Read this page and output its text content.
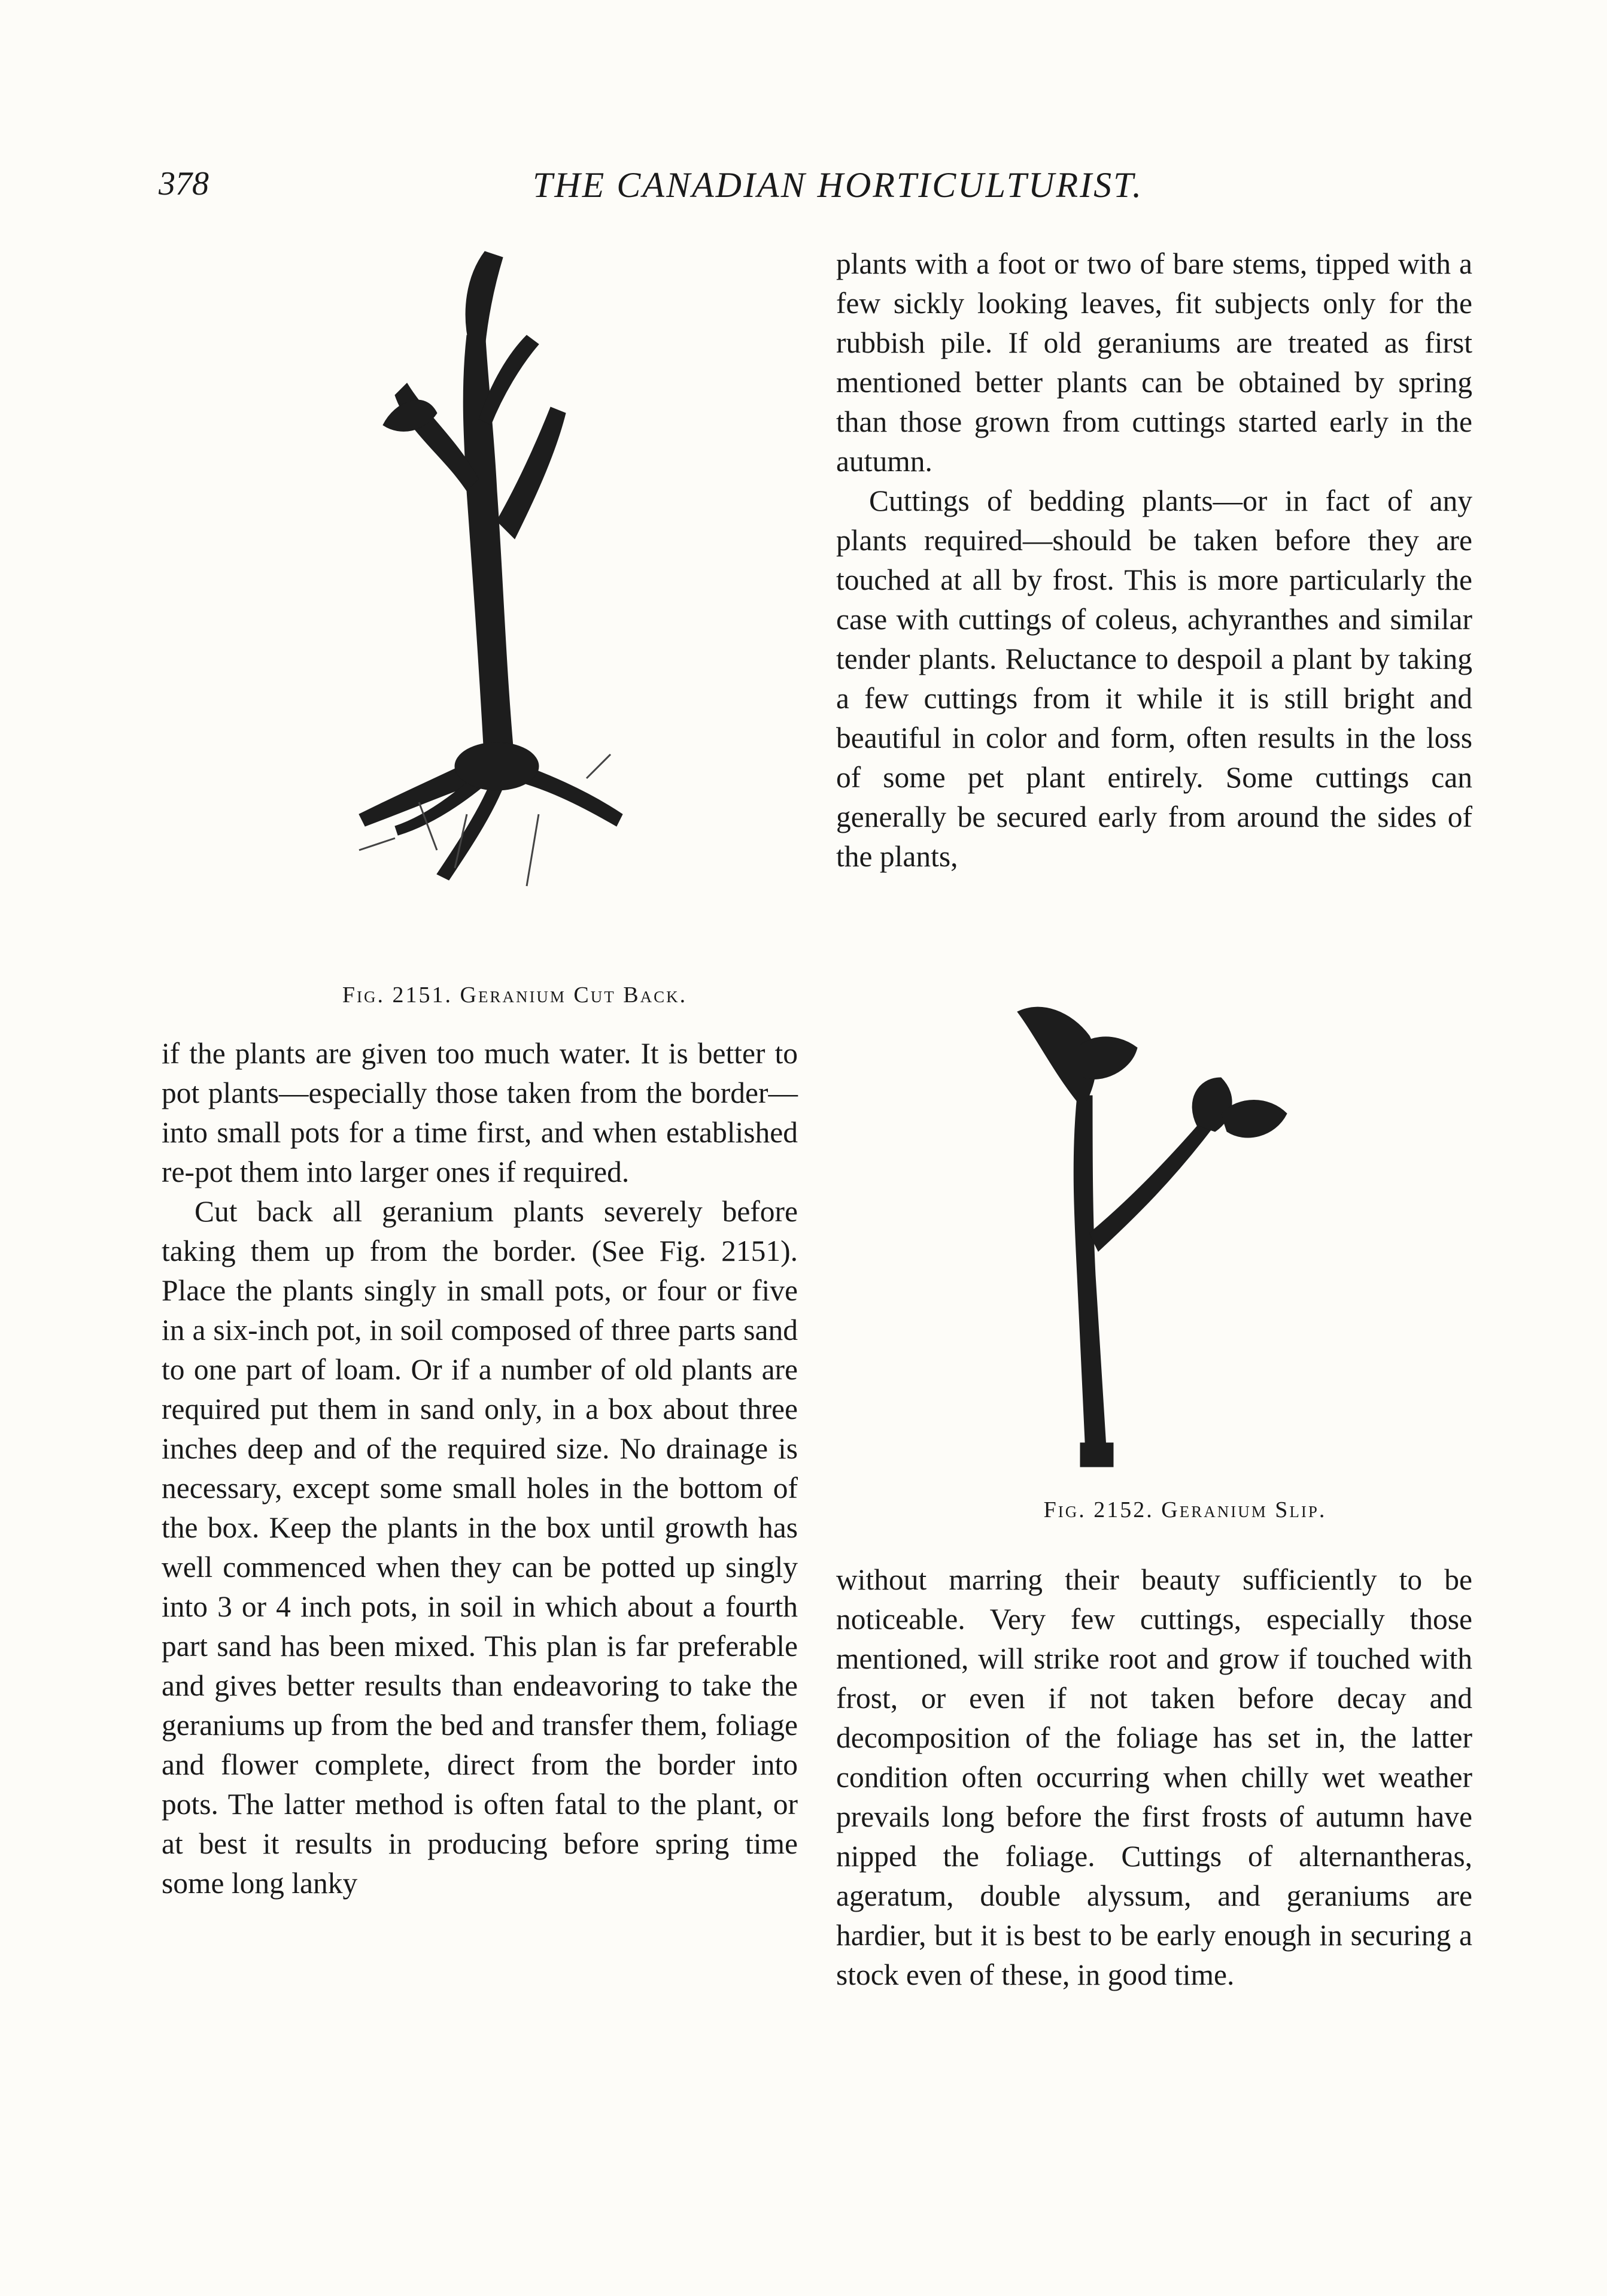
378	THE CANADIAN HORTICULTURIST.
Fig. 2151. Geranium Cut Back.
Fig. 2152. Geranium Slip.

plants with a foot or two of bare stems, tipped with a few sickly looking leaves, fit subjects only for the rubbish pile. If old geraniums are treated as first mentioned better plants can be obtained by spring than those grown from cuttings started early in the autumn.

Cuttings of bedding plants—or in fact of any plants required—should be taken before they are touched at all by frost. This is more particularly the case with cuttings of coleus, achyranthes and similar tender plants. Reluctance to despoil a plant by taking a few cuttings from it while it is still bright and beautiful in color and form, often results in the loss of some pet plant entirely. Some cuttings can generally be secured early from around the sides of the plants,

if the plants are given too much water. It is better to pot plants—especially those taken from the border—into small pots for a time first, and when established re-pot them into larger ones if required.

Cut back all geranium plants severely before taking them up from the border. (See Fig. 2151). Place the plants singly in small pots, or four or five in a six-inch pot, in soil composed of three parts sand to one part of loam. Or if a number of old plants are required put them in sand only, in a box about three inches deep and of the required size. No drainage is necessary, except some small holes in the bottom of the box. Keep the plants in the box until growth has well commenced when they can be potted up singly into 3 or 4 inch pots, in soil in which about a fourth part sand has been mixed. This plan is far preferable and gives better results than endeavoring to take the geraniums up from the bed and transfer them, foliage and flower complete, direct from the border into pots. The latter method is often fatal to the plant, or at best it results in producing before spring time some long lanky

without marring their beauty sufficiently to be noticeable. Very few cuttings, especially those mentioned, will strike root and grow if touched with frost, or even if not taken before decay and decomposition of the foliage has set in, the latter condition often occurring when chilly wet weather prevails long before the first frosts of autumn have nipped the foliage. Cuttings of alternantheras, ageratum, double alyssum, and geraniums are hardier, but it is best to be early enough in securing a stock even of these, in good time.
